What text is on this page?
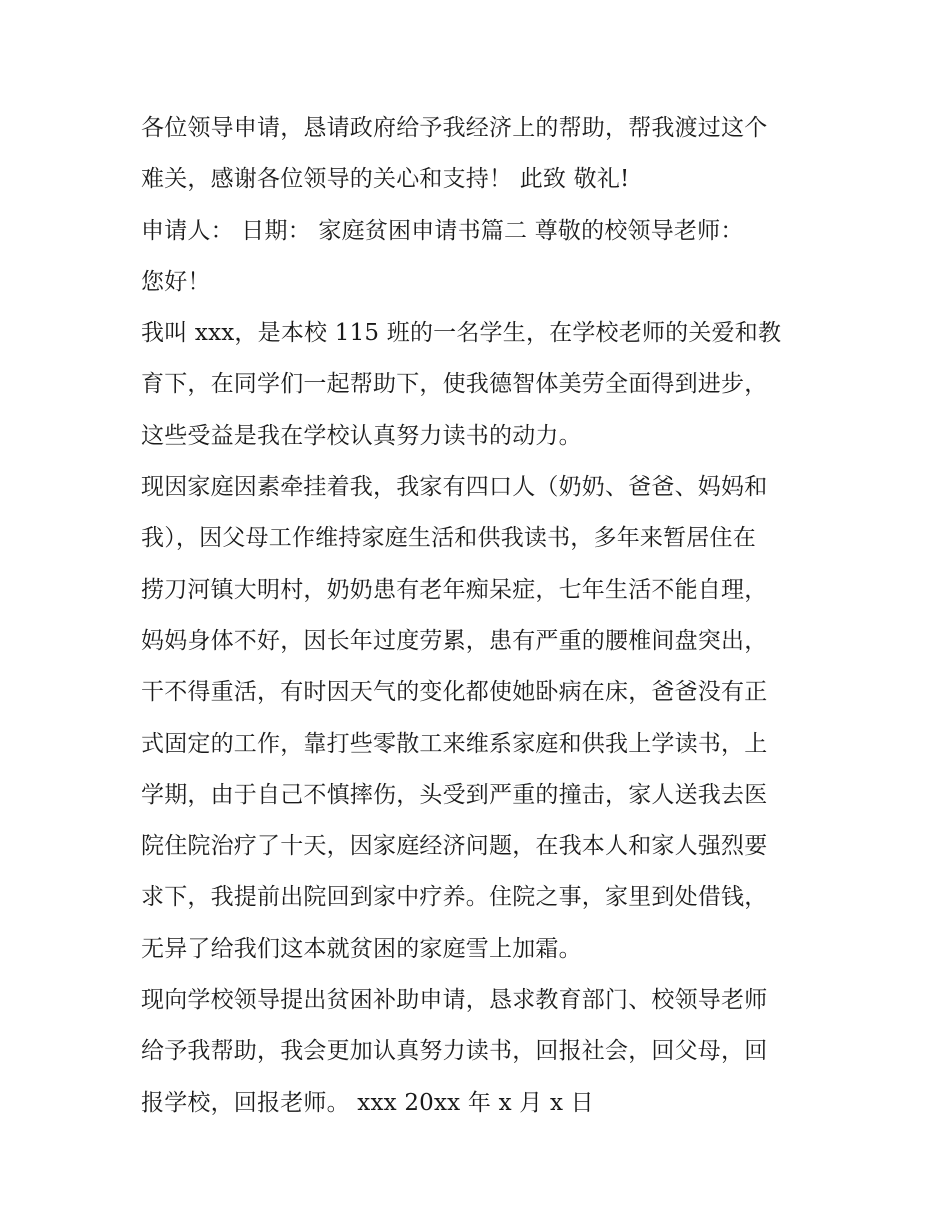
各位领导申请，恳请政府给予我经济上的帮助，帮我渡过这个
难关，感谢各位领导的关心和支持！ 此致 敬礼!
申请人： 日期： 家庭贫困申请书篇二 尊敬的校领导老师：
您好！
我叫 xxx，是本校 115 班的一名学生，在学校老师的关爱和教
育下，在同学们一起帮助下，使我德智体美劳全面得到进步，
这些受益是我在学校认真努力读书的动力。
现因家庭因素牵挂着我，我家有四口人（奶奶、爸爸、妈妈和
我），因父母工作维持家庭生活和供我读书，多年来暂居住在
捞刀河镇大明村，奶奶患有老年痴呆症，七年生活不能自理，
妈妈身体不好，因长年过度劳累，患有严重的腰椎间盘突出，
干不得重活，有时因天气的变化都使她卧病在床，爸爸没有正
式固定的工作，靠打些零散工来维系家庭和供我上学读书，上
学期，由于自己不慎摔伤，头受到严重的撞击，家人送我去医
院住院治疗了十天，因家庭经济问题，在我本人和家人强烈要
求下，我提前出院回到家中疗养。住院之事，家里到处借钱，
无异了给我们这本就贫困的家庭雪上加霜。
现向学校领导提出贫困补助申请，恳求教育部门、校领导老师
给予我帮助，我会更加认真努力读书，回报社会，回父母，回
报学校，回报老师。 xxx 20xx 年 x 月 x 日
